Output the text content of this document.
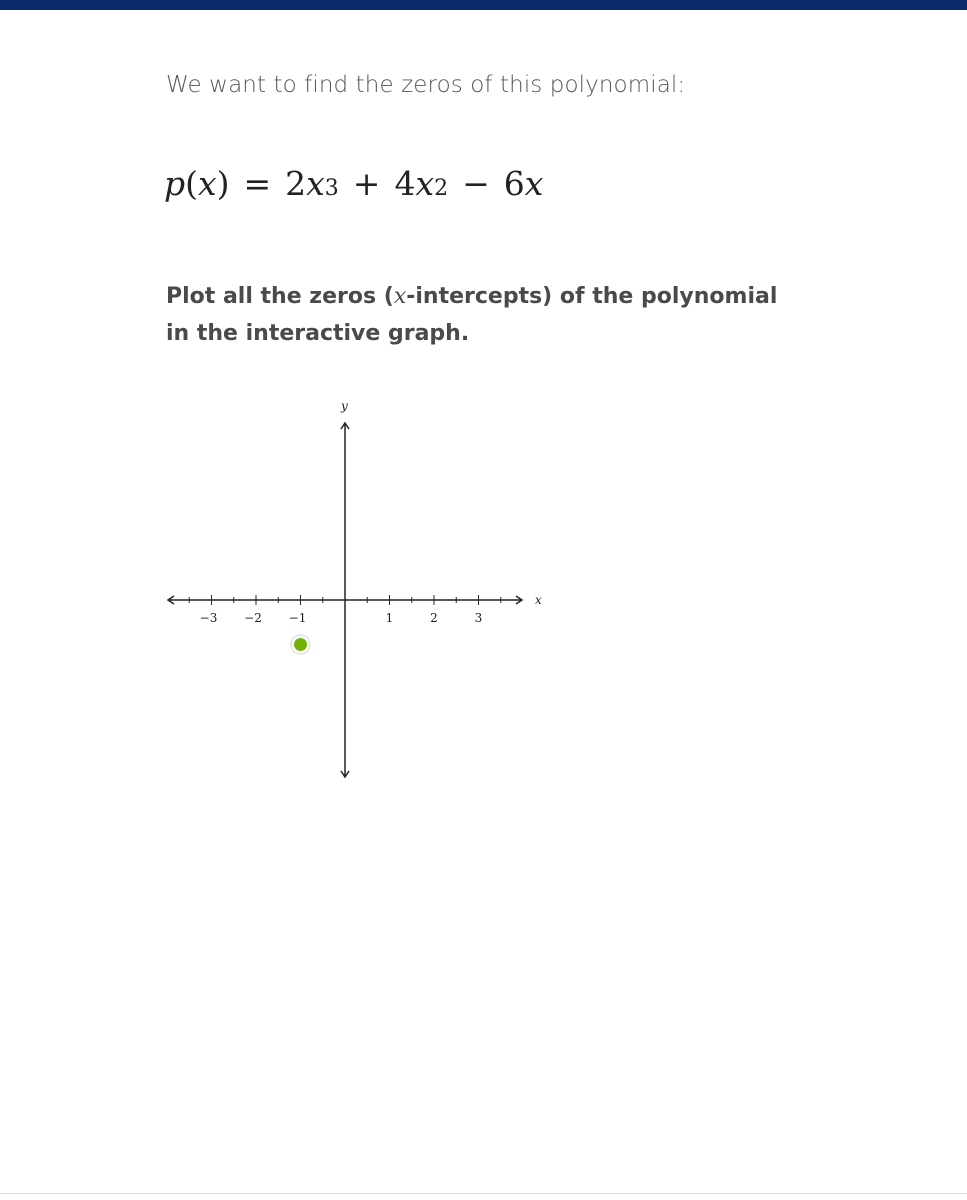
We want to find the zeros of this polynomial:
p ( x ) = 2 x 3 + 4 x 2 − 6 x
Plot all the zeros (x-intercepts) of the polynomial in the interactive graph.
−3 −2 −1	1	2	3
x
y
